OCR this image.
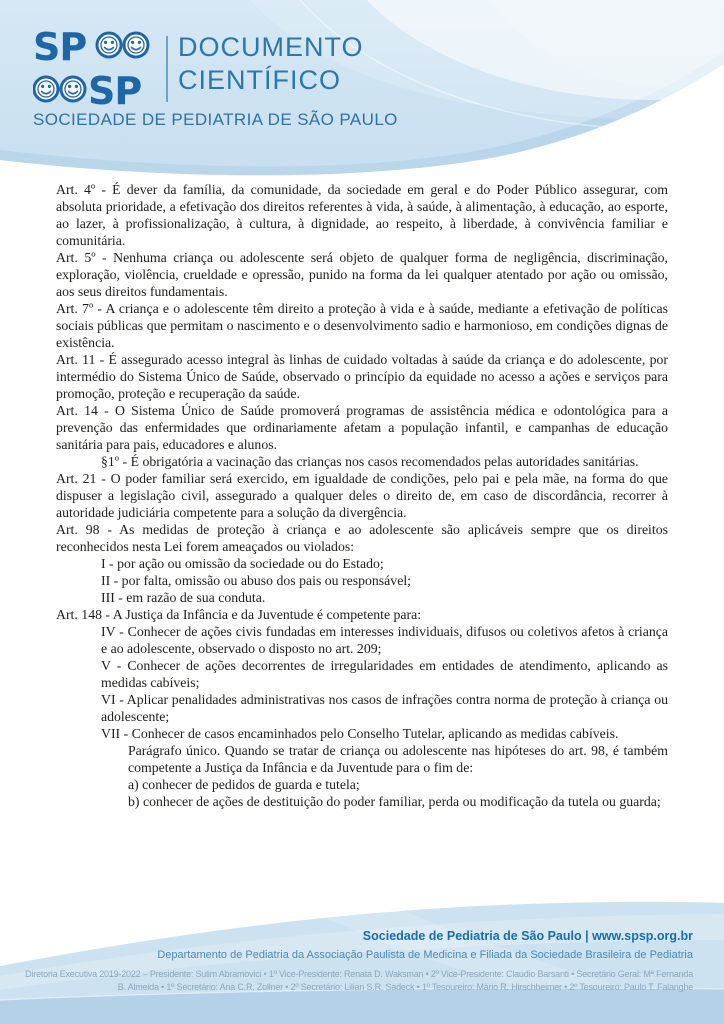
SP
SP
DOCUMENTO
CIENTÍFICO
SOCIEDADE DE PEDIATRIA DE SÃO PAULO

Art. 4º - É dever da família, da comunidade, da sociedade em geral e do Poder Público assegurar, com absoluta prioridade, a efetivação dos direitos referentes à vida, à saúde, à alimentação, à educação, ao esporte, ao lazer, à profissionalização, à cultura, à dignidade, ao respeito, à liberdade, à convivência familiar e comunitária.

Art. 5º - Nenhuma criança ou adolescente será objeto de qualquer forma de negligência, discriminação, exploração, violência, crueldade e opressão, punido na forma da lei qualquer atentado por ação ou omissão, aos seus direitos fundamentais.

Art. 7º - A criança e o adolescente têm direito a proteção à vida e à saúde, mediante a efetivação de políticas sociais públicas que permitam o nascimento e o desenvolvimento sadio e harmonioso, em condições dignas de existência.

Art. 11 - É assegurado acesso integral às linhas de cuidado voltadas à saúde da criança e do adolescente, por intermédio do Sistema Único de Saúde, observado o princípio da equidade no acesso a ações e serviços para promoção, proteção e recuperação da saúde.

Art. 14 - O Sistema Único de Saúde promoverá programas de assistência médica e odontológica para a prevenção das enfermidades que ordinariamente afetam a população infantil, e campanhas de educação sanitária para pais, educadores e alunos.

§1º - É obrigatória a vacinação das crianças nos casos recomendados pelas autoridades sanitárias.

Art. 21 - O poder familiar será exercido, em igualdade de condições, pelo pai e pela mãe, na forma do que dispuser a legislação civil, assegurado a qualquer deles o direito de, em caso de discordância, recorrer à autoridade judiciária competente para a solução da divergência.

Art. 98 - As medidas de proteção à criança e ao adolescente são aplicáveis sempre que os direitos reconhecidos nesta Lei forem ameaçados ou violados:

I - por ação ou omissão da sociedade ou do Estado;

II - por falta, omissão ou abuso dos pais ou responsável;

III - em razão de sua conduta.

Art. 148 - A Justiça da Infância e da Juventude é competente para:

IV - Conhecer de ações civis fundadas em interesses individuais, difusos ou coletivos afetos à criança e ao adolescente, observado o disposto no art. 209;

V - Conhecer de ações decorrentes de irregularidades em entidades de atendimento, aplicando as medidas cabíveis;

VI - Aplicar penalidades administrativas nos casos de infrações contra norma de proteção à criança ou adolescente;

VII - Conhecer de casos encaminhados pelo Conselho Tutelar, aplicando as medidas cabíveis.

Parágrafo único. Quando se tratar de criança ou adolescente nas hipóteses do art. 98, é também competente a Justiça da Infância e da Juventude para o fim de:

a) conhecer de pedidos de guarda e tutela;

b) conhecer de ações de destituição do poder familiar, perda ou modificação da tutela ou guarda;

Sociedade de Pediatria de São Paulo | www.spsp.org.br
Departamento de Pediatria da Associação Paulista de Medicina e Filiada da Sociedade Brasileira de Pediatria
Diretoria Executiva 2019-2022 – Presidente: Sulim Abramovici • 1º Vice-Presidente: Renata D. Waksman • 2º Vice-Presidente: Claudio Barsanti • Secretário Geral: Mª Fernanda B. Almeida • 1º Secretário: Ana C.R. Zollner • 2º Secretário: Lilian S.R. Sadeck • 1º Tesoureiro: Mário R. Hirschheimer • 2º Tesoureiro: Paulo T. Falanghe
